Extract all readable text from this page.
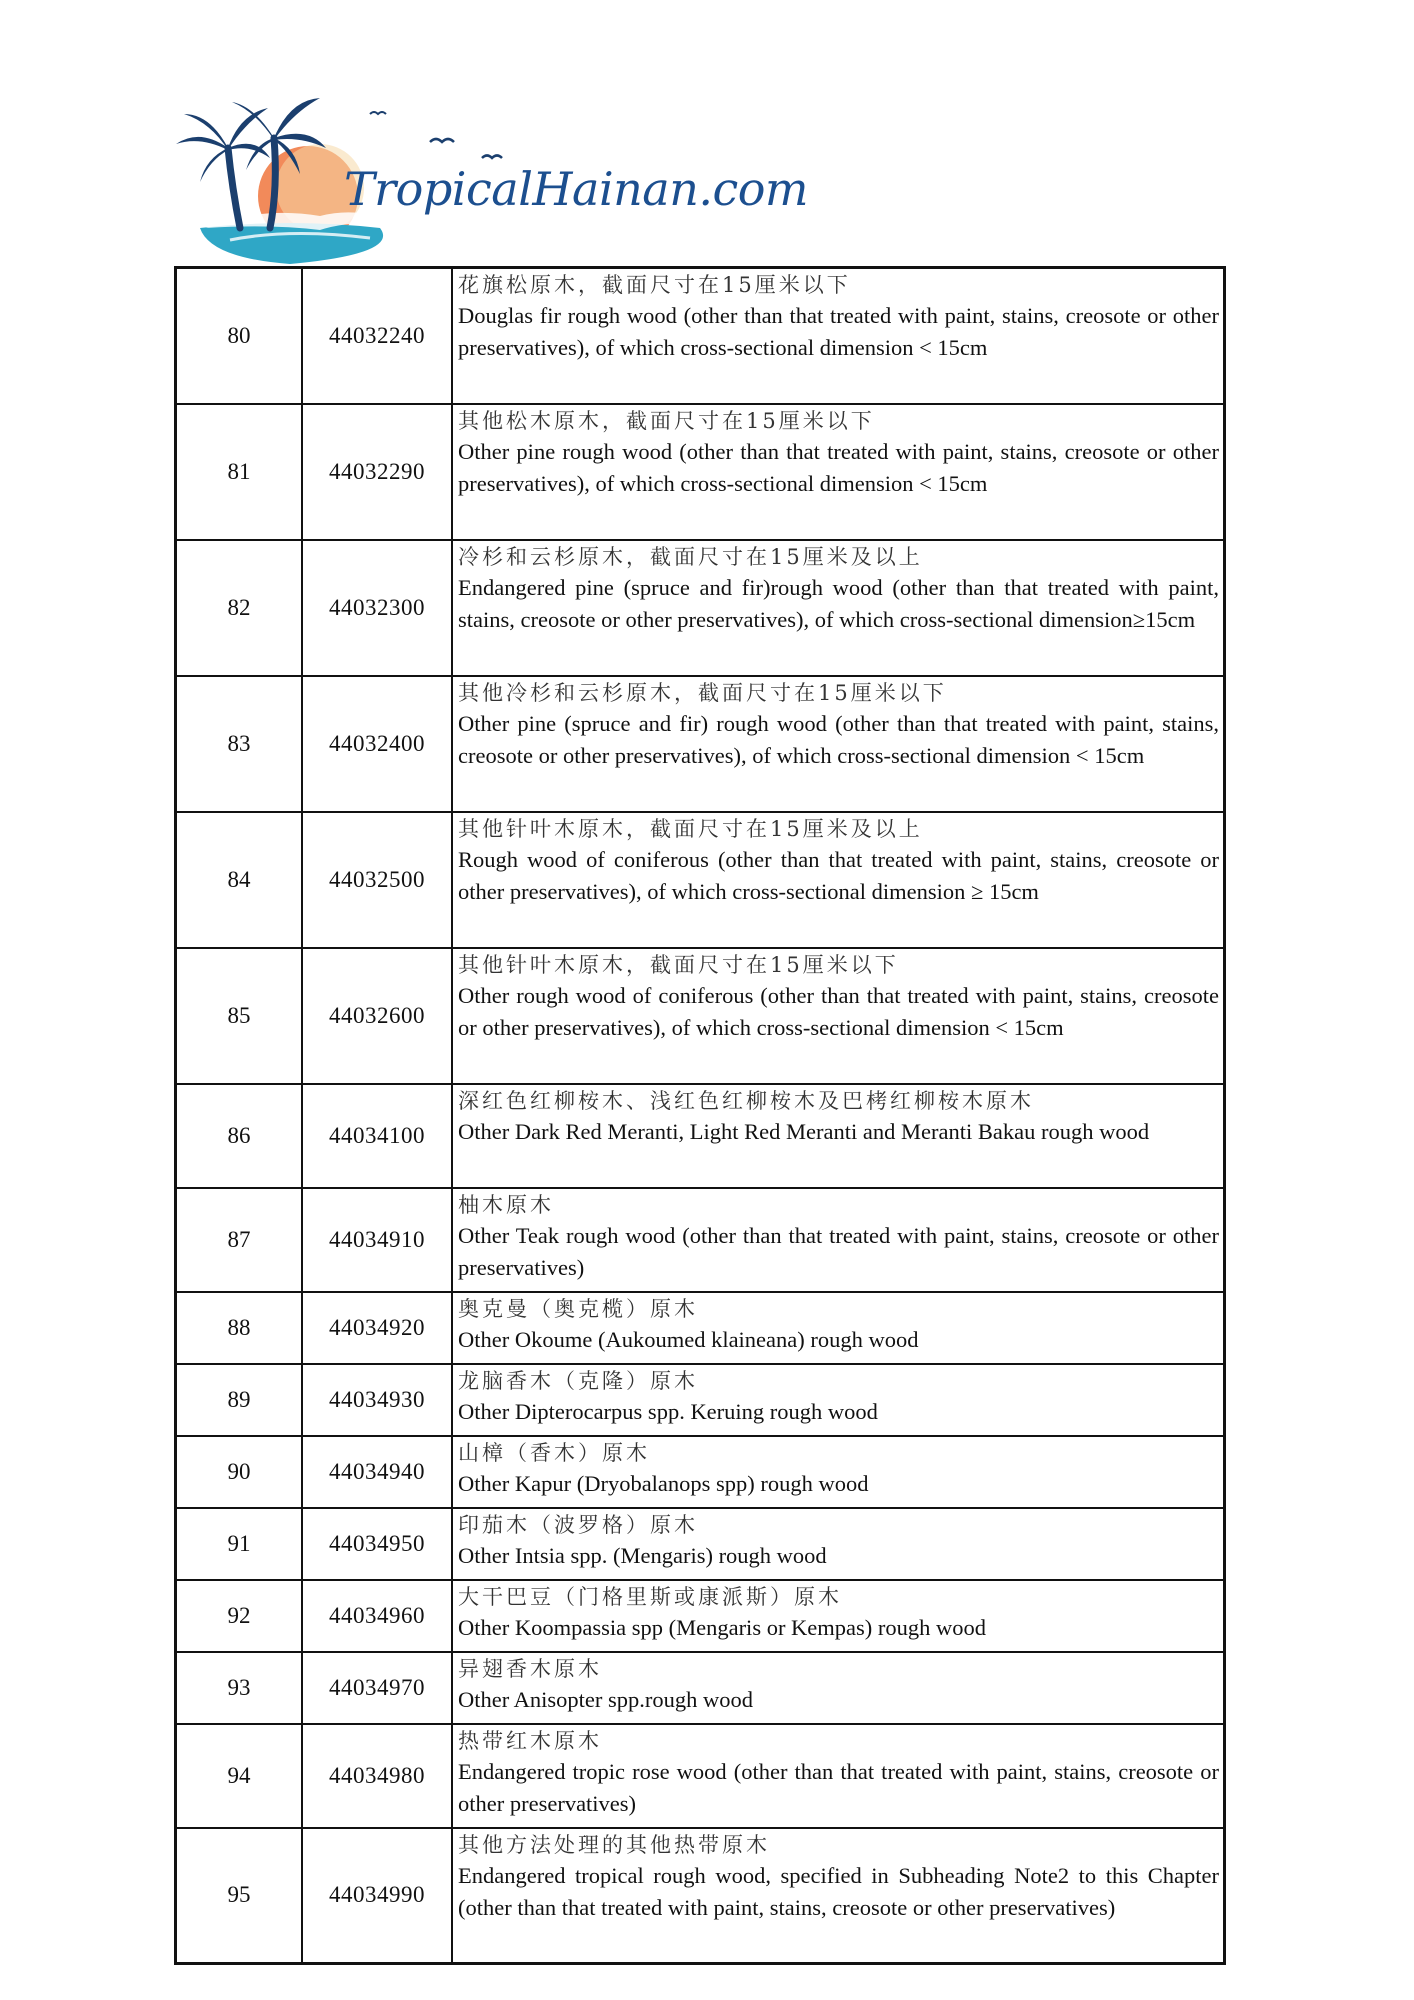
TropicalHainan.com
80	44032240	花旗松原木，截面尺寸在15厘米以下
Douglas fir rough wood (other than that treated with paint, stains, creosote or other preservatives), of which cross-sectional dimension < 15cm

81	44032290	其他松木原木，截面尺寸在15厘米以下
Other pine rough wood (other than that treated with paint, stains, creosote or other preservatives), of which cross-sectional dimension < 15cm

82	44032300	冷杉和云杉原木，截面尺寸在15厘米及以上
Endangered pine (spruce and fir)rough wood (other than that treated with paint, stains, creosote or other preservatives), of which cross-sectional dimension≥15cm

83	44032400	其他冷杉和云杉原木，截面尺寸在15厘米以下
Other pine (spruce and fir) rough wood (other than that treated with paint, stains, creosote or other preservatives), of which cross-sectional dimension < 15cm

84	44032500	其他针叶木原木，截面尺寸在15厘米及以上
Rough wood of coniferous (other than that treated with paint, stains, creosote or other preservatives), of which cross-sectional dimension ≥ 15cm

85	44032600	其他针叶木原木，截面尺寸在15厘米以下
Other rough wood of coniferous (other than that treated with paint, stains, creosote or other preservatives), of which cross-sectional dimension < 15cm

86	44034100	深红色红柳桉木、浅红色红柳桉木及巴栲红柳桉木原木
Other Dark Red Meranti, Light Red Meranti and Meranti Bakau rough wood

87	44034910	柚木原木
Other Teak rough wood (other than that treated with paint, stains, creosote or other preservatives)

88	44034920	奥克曼（奥克榄）原木
Other Okoume (Aukoumed klaineana) rough wood

89	44034930	龙脑香木（克隆）原木
Other Dipterocarpus spp. Keruing rough wood

90	44034940	山樟（香木）原木
Other Kapur (Dryobalanops spp) rough wood

91	44034950	印茄木（波罗格）原木
Other Intsia spp. (Mengaris) rough wood

92	44034960	大干巴豆（门格里斯或康派斯）原木
Other Koompassia spp (Mengaris or Kempas) rough wood

93	44034970	异翅香木原木
Other Anisopter spp.rough wood

94	44034980	热带红木原木
Endangered tropic rose wood (other than that treated with paint, stains, creosote or other preservatives)

95	44034990	其他方法处理的其他热带原木
Endangered tropical rough wood, specified in Subheading Note2 to this Chapter (other than that treated with paint, stains, creosote or other preservatives)
